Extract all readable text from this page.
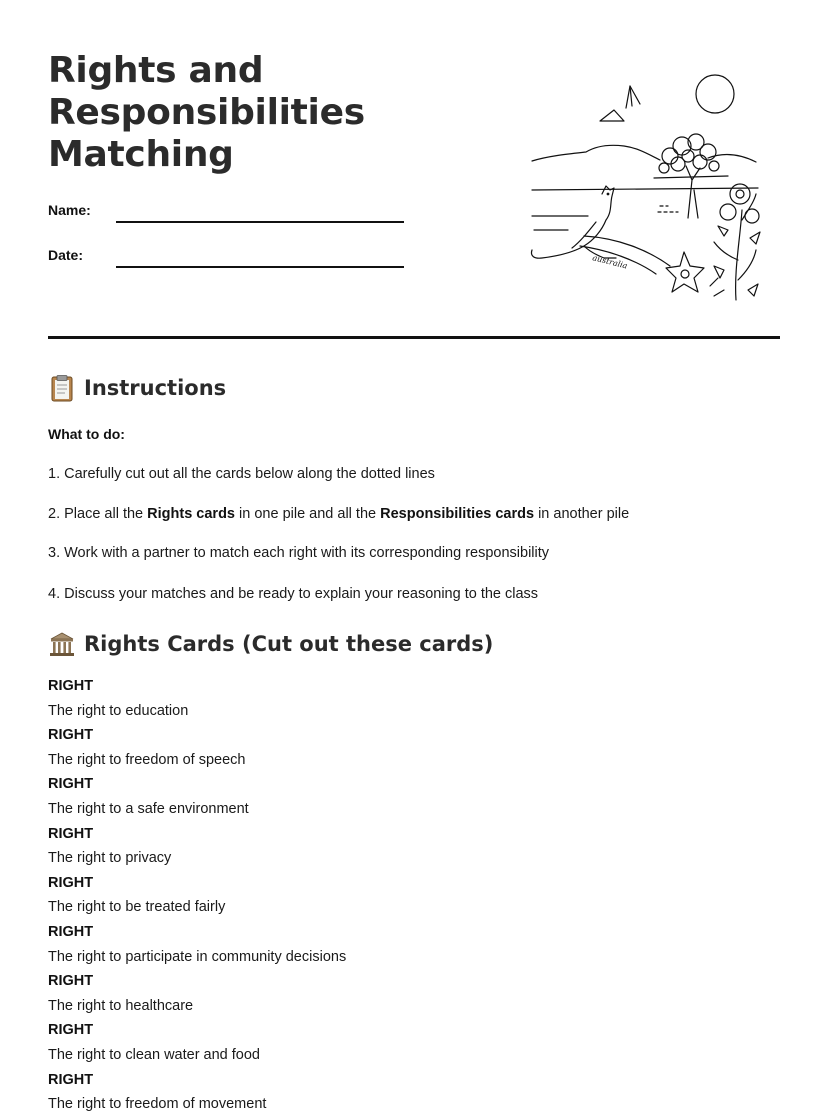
Rights and
Responsibilities
Matching
Name:
Date:	australia
Instructions
What to do:

1. Carefully cut out all the cards below along the dotted lines

2. Place all the Rights cards in one pile and all the Responsibilities cards in another pile

3. Work with a partner to match each right with its corresponding responsibility

4. Discuss your matches and be ready to explain your reasoning to the class

Rights Cards (Cut out these cards)
RIGHT
The right to education
RIGHT
The right to freedom of speech
RIGHT
The right to a safe environment
RIGHT
The right to privacy
RIGHT
The right to be treated fairly
RIGHT
The right to participate in community decisions
RIGHT
The right to healthcare
RIGHT
The right to clean water and food
RIGHT
The right to freedom of movement
